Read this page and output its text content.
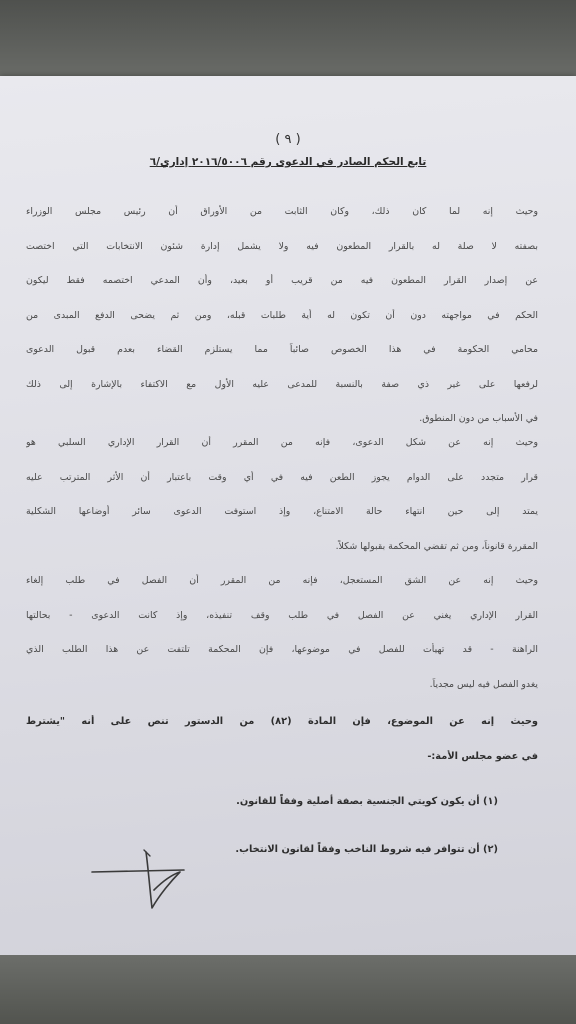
( ٩ )
تابع الحكم الصادر في الدعوى رقم ٢٠١٦/٥٠٠٦ إداري/٦
وحيث إنه لما كان ذلك، وكان الثابت من الأوراق أن رئيس مجلس الوزراء
بصفته لا صلة له بالقرار المطعون فيه ولا يشمل إدارة شئون الانتخابات التي اختصت
عن إصدار القرار المطعون فيه من قريب أو بعيد، وأن المدعي اختصمه فقط ليكون
الحكم في مواجهته دون أن تكون له أية طلبات قبله، ومن ثم يضحى الدفع المبدى من
محامي الحكومة في هذا الخصوص صائباً مما يستلزم القضاء بعدم قبول الدعوى
لرفعها على غير ذي صفة بالنسبة للمدعى عليه الأول مع الاكتفاء بالإشارة إلى ذلك
في الأسباب من دون المنطوق.
وحيث إنه عن شكل الدعوى، فإنه من المقرر أن القرار الإداري السلبي هو
قرار متجدد على الدوام يجوز الطعن فيه في أي وقت باعتبار أن الأثر المترتب عليه
يمتد إلى حين انتهاء حالة الامتناع، وإذ استوفت الدعوى سائر أوضاعها الشكلية
المقررة قانوناً، ومن ثم تقضي المحكمة بقبولها شكلاً.
وحيث إنه عن الشق المستعجل، فإنه من المقرر أن الفصل في طلب إلغاء
القرار الإداري يغني عن الفصل في طلب وقف تنفيذه، وإذ كانت الدعوى - بحالتها
الراهنة - قد تهيأت للفصل في موضوعها، فإن المحكمة تلتفت عن هذا الطلب الذي
يغدو الفصل فيه ليس مجدياً.
وحيث إنه عن الموضوع، فإن المادة (٨٢) من الدستور تنص على أنه "يشترط
في عضو مجلس الأمة:-
(١) أن يكون كويتي الجنسية بصفة أصلية وفقاً للقانون.
(٢) أن تتوافر فيه شروط الناخب وفقاً لقانون الانتخاب.
